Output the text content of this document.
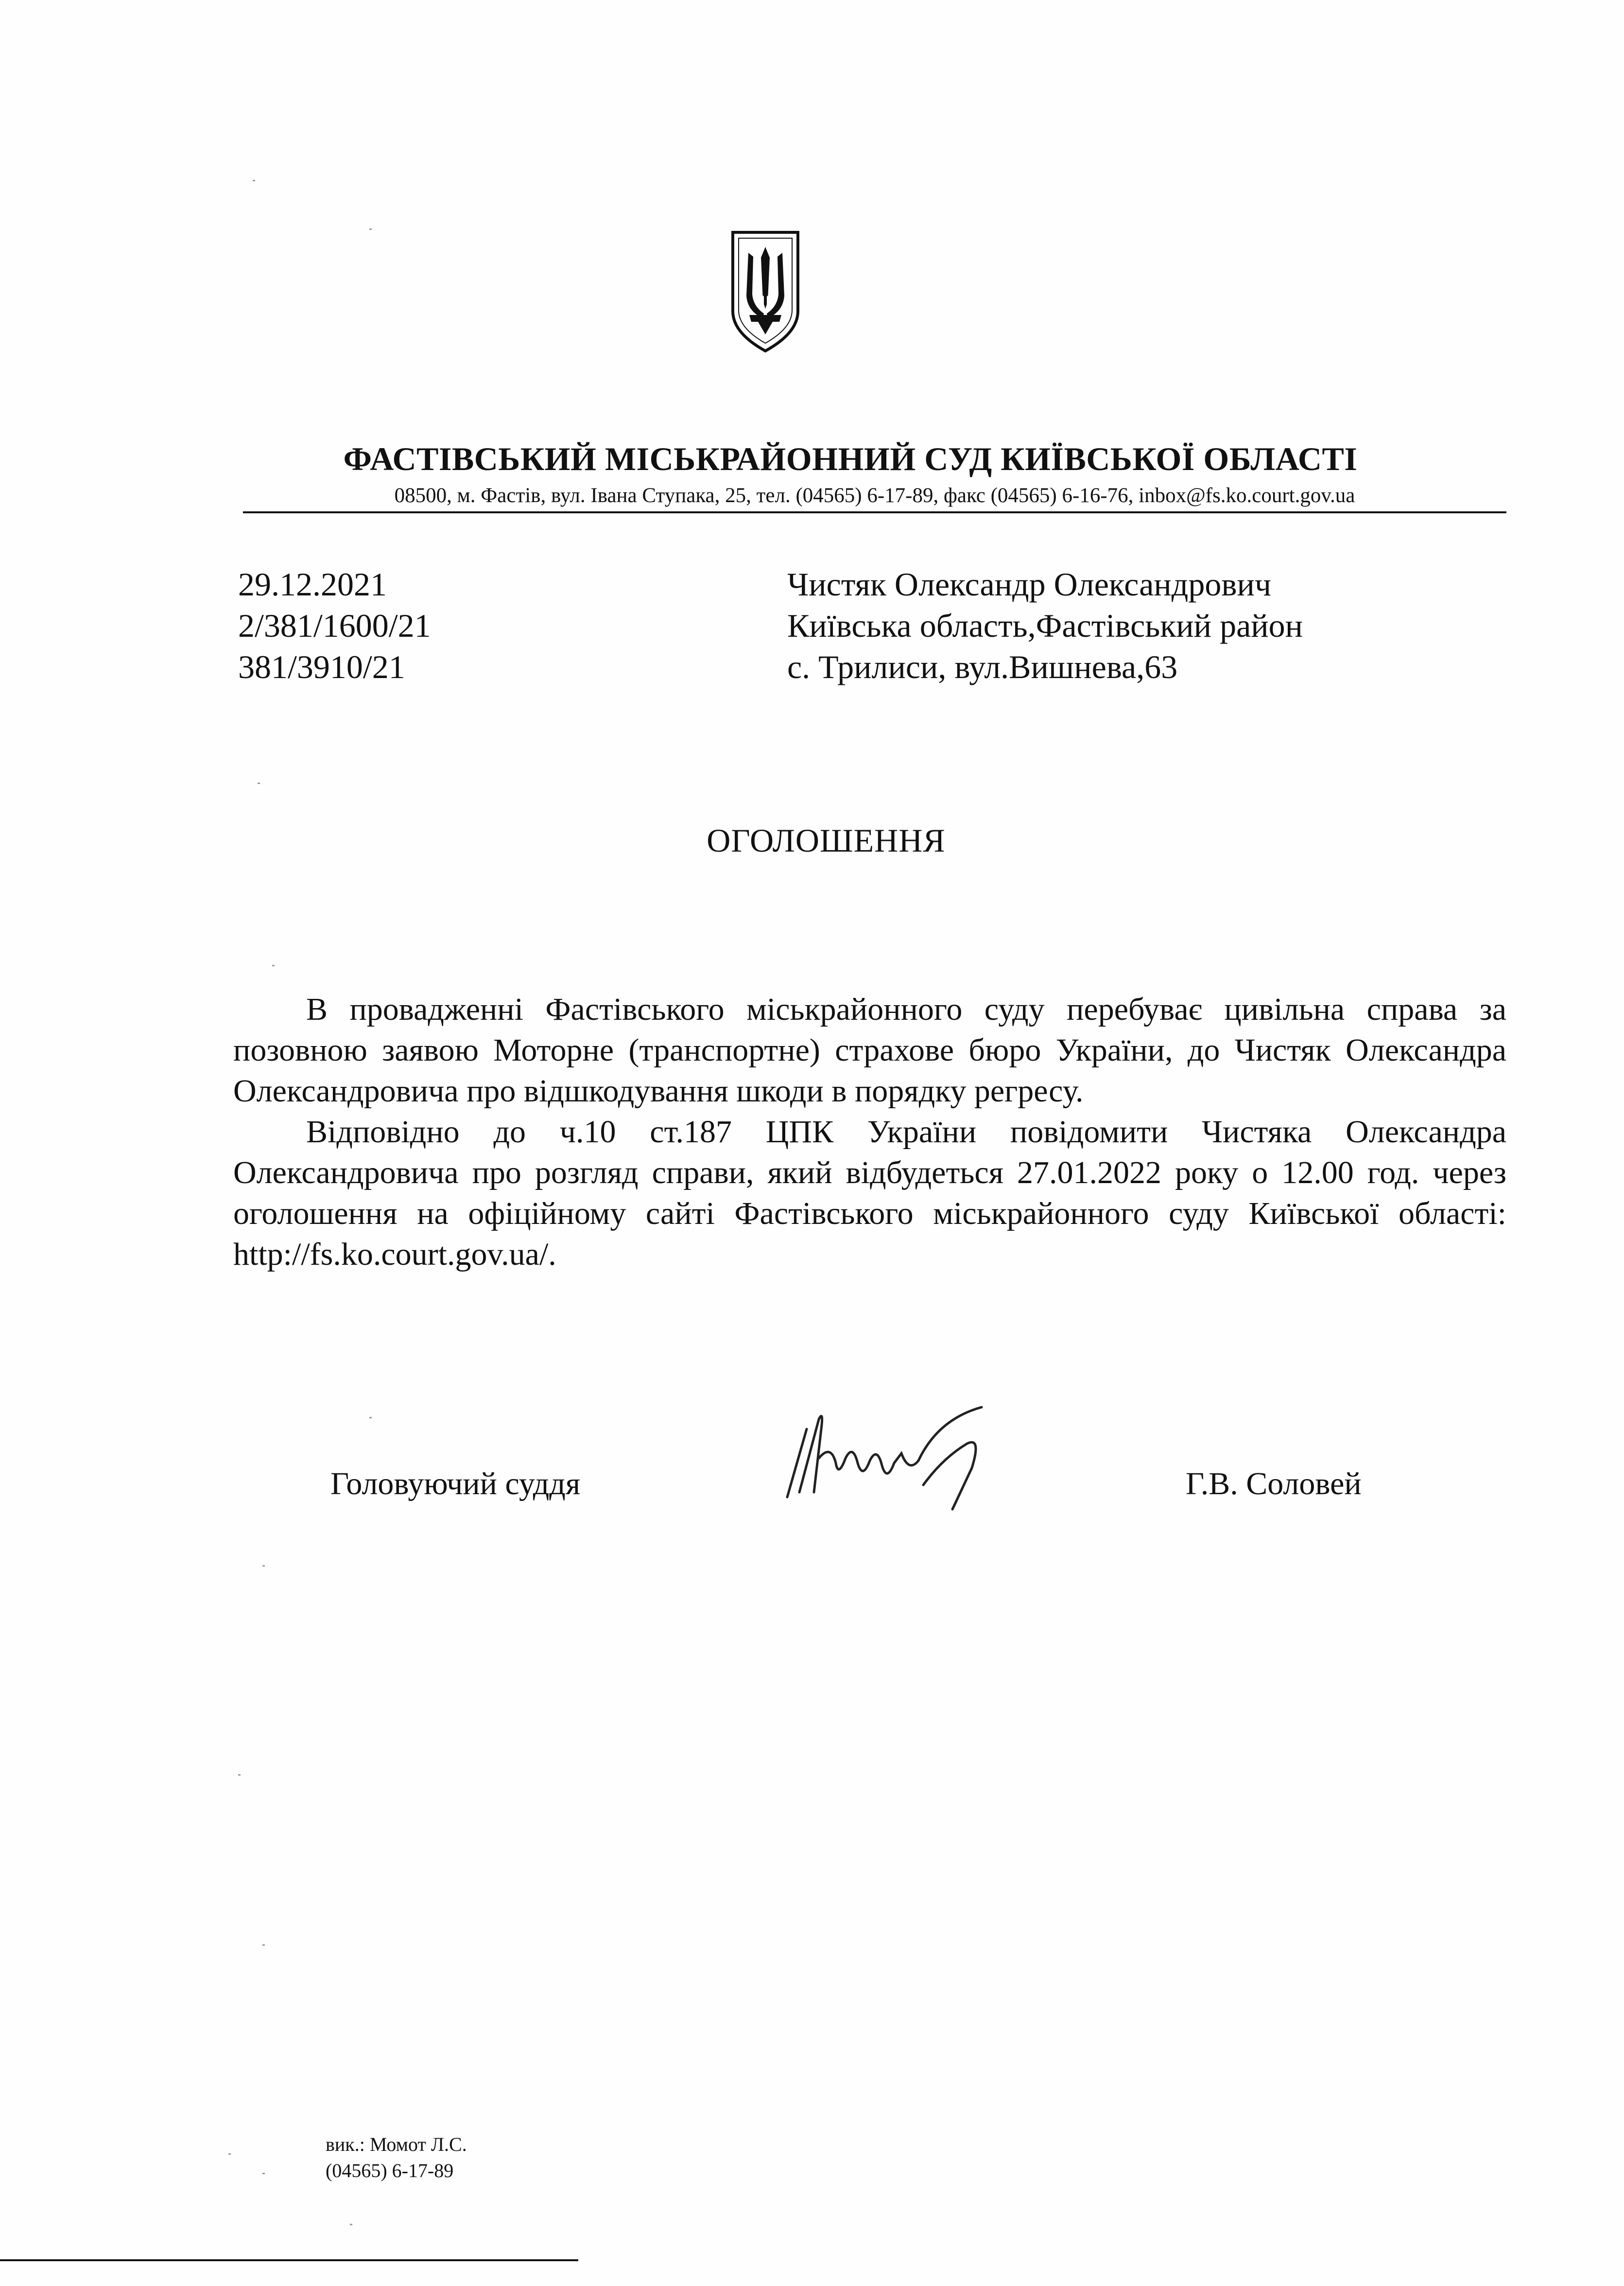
ФАСТІВСЬКИЙ МІСЬКРАЙОННИЙ СУД КИЇВСЬКОЇ ОБЛАСТІ
08500, м. Фастів, вул. Івана Ступака, 25, тел. (04565) 6-17-89, факс (04565) 6-16-76, inbox@fs.ko.court.gov.ua
29.12.2021
2/381/1600/21
381/3910/21
Чистяк Олександр Олександрович
Київська область,Фастівський район
с. Трилиси, вул.Вишнева,63
ОГОЛОШЕННЯ

В провадженні Фастівського міськрайонного суду перебуває цивільна справа за позовною заявою Моторне (транспортне) страхове бюро України, до Чистяк Олександра Олександровича про відшкодування шкоди в порядку регресу.

Відповідно до ч.10 ст.187 ЦПК України повідомити Чистяка Олександра Олександровича про розгляд справи, який відбудеться 27.01.2022 року о 12.00 год. через оголошення на офіційному сайті Фастівського міськрайонного суду Київської області: http://fs.ko.court.gov.ua/.

Головуючий суддя	Г.В. Соловей
вик.: Момот Л.С.
(04565) 6-17-89
